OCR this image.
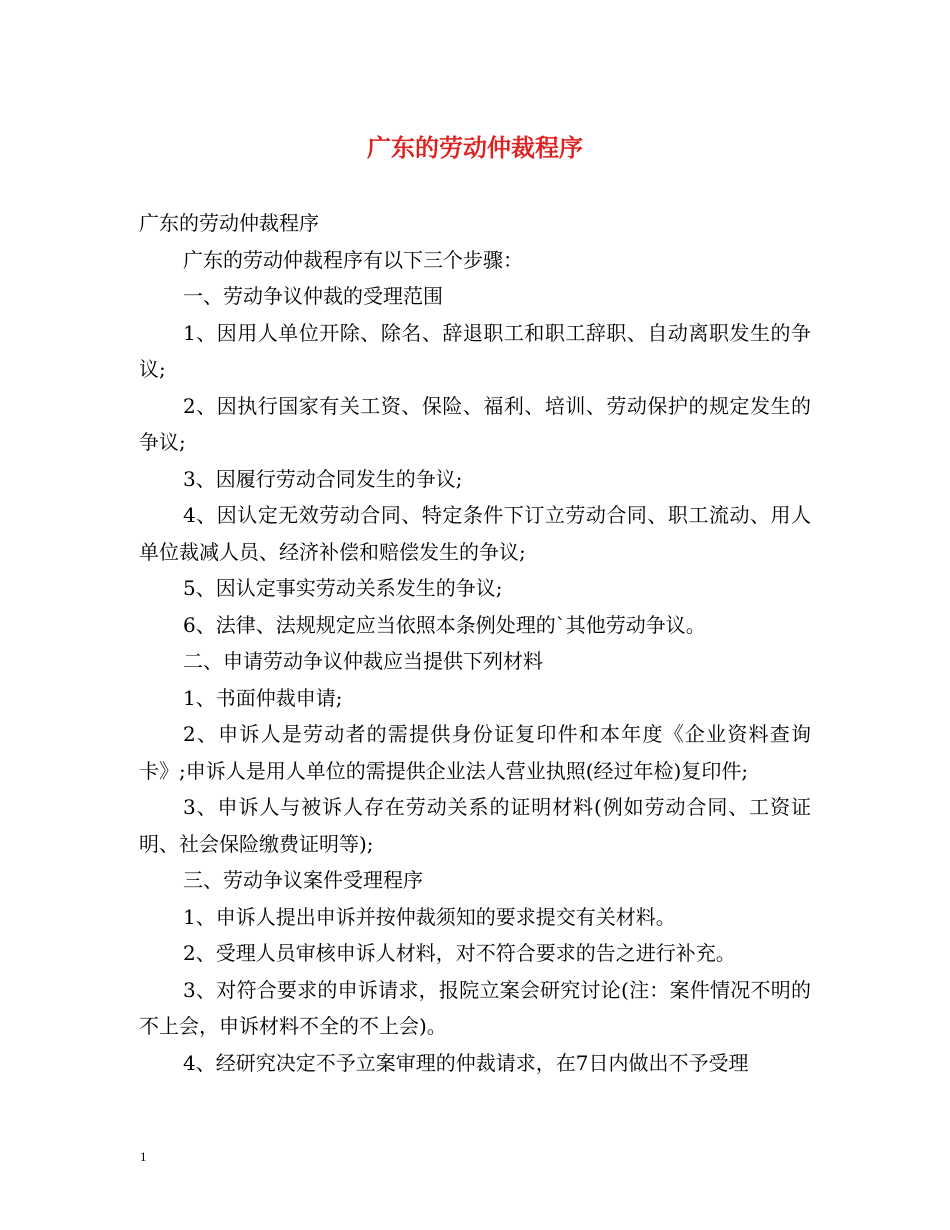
广东的劳动仲裁程序

广东的劳动仲裁程序

广东的劳动仲裁程序有以下三个步骤：

一、劳动争议仲裁的受理范围

1、因用人单位开除、除名、辞退职工和职工辞职、自动离职发生的争议;

2、因执行国家有关工资、保险、福利、培训、劳动保护的规定发生的争议;

3、因履行劳动合同发生的争议;

4、因认定无效劳动合同、特定条件下订立劳动合同、职工流动、用人单位裁减人员、经济补偿和赔偿发生的争议;

5、因认定事实劳动关系发生的争议;

6、法律、法规规定应当依照本条例处理的`其他劳动争议。

二、申请劳动争议仲裁应当提供下列材料

1、书面仲裁申请;

2、申诉人是劳动者的需提供身份证复印件和本年度《企业资料查询卡》;申诉人是用人单位的需提供企业法人营业执照(经过年检)复印件;

3、申诉人与被诉人存在劳动关系的证明材料(例如劳动合同、工资证明、社会保险缴费证明等);

三、劳动争议案件受理程序

1、申诉人提出申诉并按仲裁须知的要求提交有关材料。

2、受理人员审核申诉人材料，对不符合要求的告之进行补充。

3、对符合要求的申诉请求，报院立案会研究讨论(注：案件情况不明的不上会，申诉材料不全的不上会)。

4、经研究决定不予立案审理的仲裁请求，在7日内做出不予受理

1
